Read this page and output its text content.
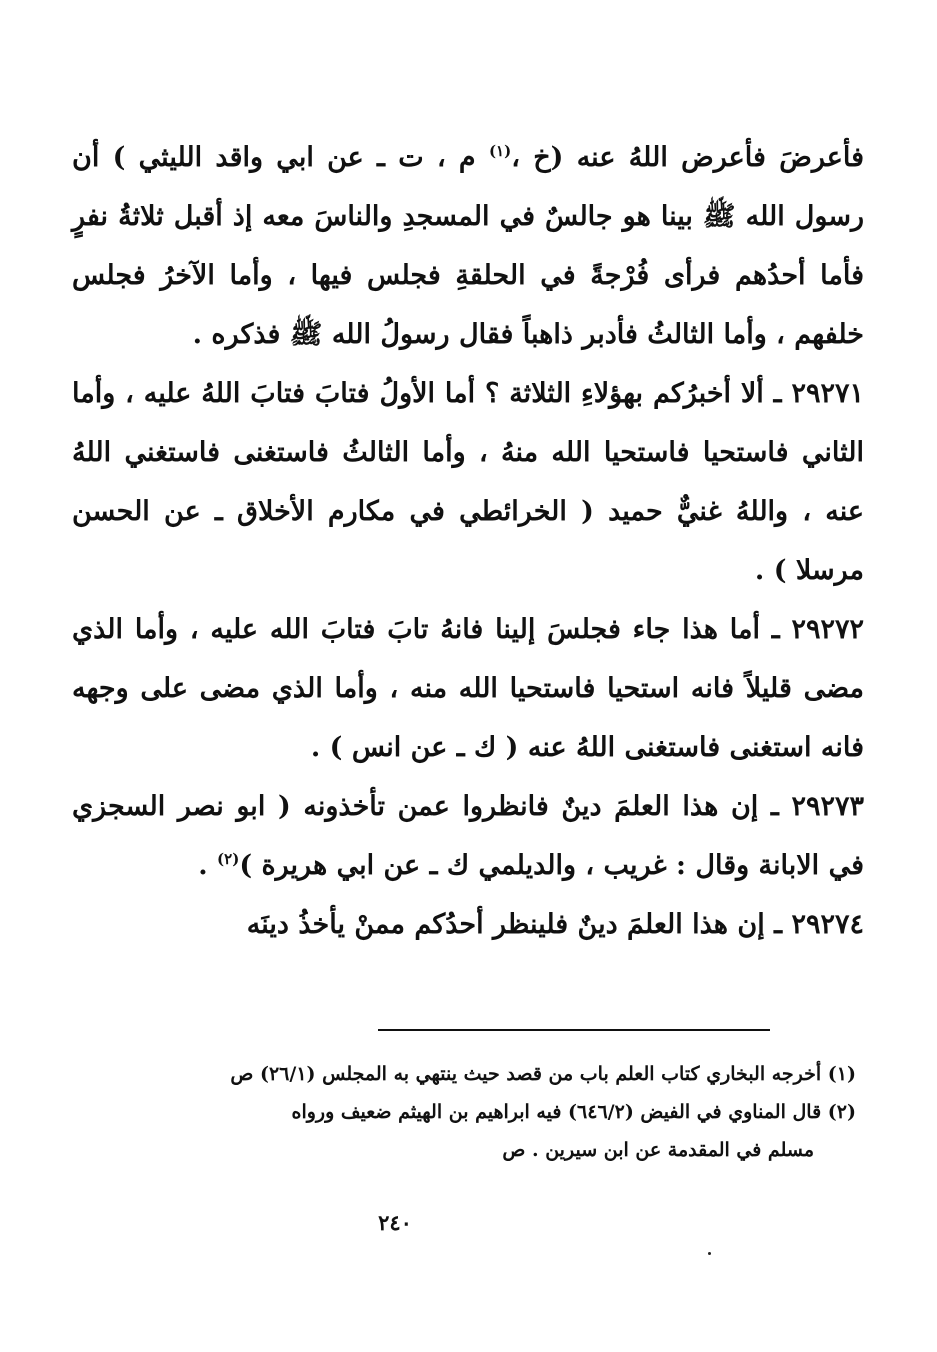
فأعرضَ فأعرض اللهُ عنه (خ ،$^{(١)}$ م ، ت ـ عن ابي واقد الليثي ) أن رسول الله ﷺ بينا هو جالسٌ في المسجدِ والناسَ معه إذ أقبل ثلاثةُ نفرٍ فأما أحدُهم فرأى فُرْجةً في الحلقةِ فجلس فيها ، وأما الآخرُ فجلس خلفهم ، وأما الثالثُ فأدبر ذاهباً فقال رسولُ الله ﷺ فذكره .

٢٩٢٧١ ـ ألا أخبرُكم بهؤلاءِ الثلاثة ؟ أما الأولُ فتابَ فتابَ اللهُ عليه ، وأما الثاني فاستحيا فاستحيا الله منهُ ، وأما الثالثُ فاستغنى فاستغني اللهُ عنه ، واللهُ غنيٌّ حميد ( الخرائطي في مكارم الأخلاق ـ عن الحسن مرسلا ) .

٢٩٢٧٢ ـ أما هذا جاء فجلسَ إلينا فانهُ تابَ فتابَ الله عليه ، وأما الذي مضى قليلاً فانه استحيا فاستحيا الله منه ، وأما الذي مضى على وجهه فانه استغنى فاستغنى اللهُ عنه ( ك ـ عن انس ) .

٢٩٢٧٣ ـ إن هذا العلمَ دينٌ فانظروا عمن تأخذونه ( ابو نصر السجزي في الابانة وقال : غريب ، والديلمي ك ـ عن ابي هريرة )$^{(٢)}$ .

٢٩٢٧٤ ـ إن هذا العلمَ دينٌ فلينظر أحدُكم ممنْ يأخذُ دينَه

(١) أخرجه البخاري كتاب العلم باب من قصد حيث ينتهي به المجلس (٢٦/١) ص

(٢) قال المناوي في الفيض (٦٤٦/٢) فيه ابراهيم بن الهيثم ضعيف ورواه

مسلم في المقدمة عن ابن سيرين . ص

٢٤٠
